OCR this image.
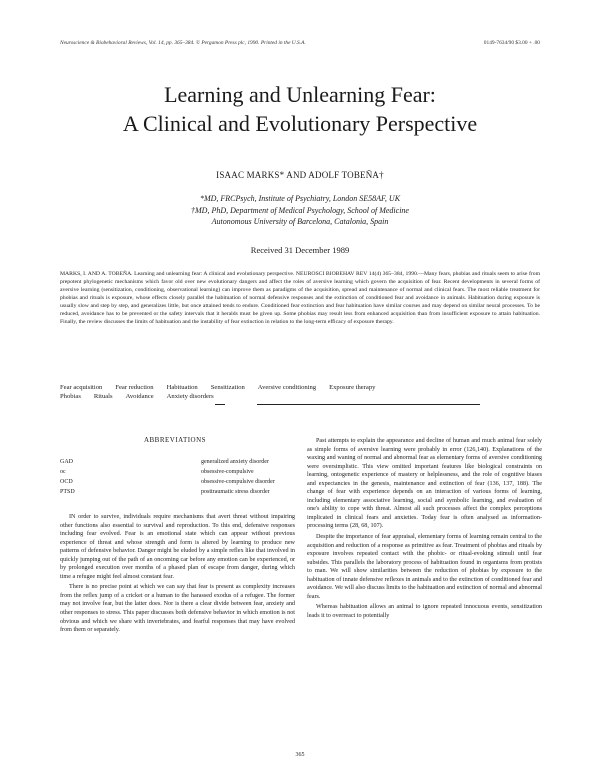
Neuroscience & Biobehavioral Reviews, Vol. 14, pp. 365–384. © Pergamon Press plc, 1990. Printed in the U.S.A.	0149-7634/90 $3.00 + .00
Learning and Unlearning Fear:
A Clinical and Evolutionary Perspective
ISAAC MARKS* AND ADOLF TOBEÑA†
*MD, FRCPsych, Institute of Psychiatry, London SE58AF, UK
†MD, PhD, Department of Medical Psychology, School of Medicine
Autonomous University of Barcelona, Catalonia, Spain
Received 31 December 1989
MARKS, I. AND A. TOBEÑA. Learning and unlearning fear: A clinical and evolutionary perspective. NEUROSCI BIOBEHAV REV 14(4) 365–384, 1990.—Many fears, phobias and rituals seem to arise from prepotent phylogenetic mechanisms which favor old over new evolutionary dangers and affect the roles of aversive learning which govern the acquisition of fear. Recent developments in several forms of aversive learning (sensitization, conditioning, observational learning) can improve them as paradigms of the acquisition, spread and maintenance of normal and clinical fears. The most reliable treatment for phobias and rituals is exposure, whose effects closely parallel the habituation of normal defensive responses and the extinction of conditioned fear and avoidance in animals. Habituation during exposure is usually slow and step by step, and generalizes little, but once attained tends to endure. Conditioned fear extinction and fear habituation have similar courses and may depend on similar neural processes. To be reduced, avoidance has to be prevented or the safety intervals that it heralds must be given up. Some phobias may result less from enhanced acquisition than from insufficient exposure to attain habituation. Finally, the review discusses the limits of habituation and the instability of fear extinction in relation to the long-term efficacy of exposure therapy.
Fear acquisition Fear reduction Habituation Sensitization Aversive conditioning Exposure therapy
Phobias Rituals Avoidance Anxiety disorders
ABBREVIATIONS
GAD	generalized anxiety disorder
oc	obsessive-compulsive
OCD	obsessive-compulsive disorder
PTSD	posttraumatic stress disorder

IN order to survive, individuals require mechanisms that avert threat without impairing other functions also essential to survival and reproduction. To this end, defensive responses including fear evolved. Fear is an emotional state which can appear without previous experience of threat and whose strength and form is altered by learning to produce new patterns of defensive behavior. Danger might be eluded by a simple reflex like that involved in quickly jumping out of the path of an oncoming car before any emotion can be experienced, or by prolonged execution over months of a phased plan of escape from danger, during which time a refugee might feel almost constant fear.

There is no precise point at which we can say that fear is present as complexity increases from the reflex jump of a cricket or a human to the harassed exodus of a refugee. The former may not involve fear, but the latter does. Nor is there a clear divide between fear, anxiety and other responses to stress. This paper discusses both defensive behavior in which emotion is not obvious and which we share with invertebrates, and fearful responses that may have evolved from them or separately.

Past attempts to explain the appearance and decline of human and much animal fear solely as simple forms of aversive learning were probably in error (126,140). Explanations of the waxing and waning of normal and abnormal fear as elementary forms of aversive conditioning were oversimplistic. This view omitted important features like biological constraints on learning, ontogenetic experience of mastery or helplessness, and the role of cognitive biases and expectancies in the genesis, maintenance and extinction of fear (136, 137, 188). The change of fear with experience depends on an interaction of various forms of learning, including elementary associative learning, social and symbolic learning, and evaluation of one's ability to cope with threat. Almost all such processes affect the complex perceptions implicated in clinical fears and anxieties. Today fear is often analysed as information-processing terms (28, 68, 107).

Despite the importance of fear appraisal, elementary forms of learning remain central to the acquisition and reduction of a response as primitive as fear. Treatment of phobias and rituals by exposure involves repeated contact with the phobic- or ritual-evoking stimuli until fear subsides. This parallels the laboratory process of habituation found in organisms from protists to man. We will show similarities between the reduction of phobias by exposure to the habituation of innate defensive reflexes in animals and to the extinction of conditioned fear and avoidance. We will also discuss limits to the habituation and extinction of normal and abnormal fears.

Whereas habituation allows an animal to ignore repeated innocuous events, sensitization leads it to overreact to potentially

365
